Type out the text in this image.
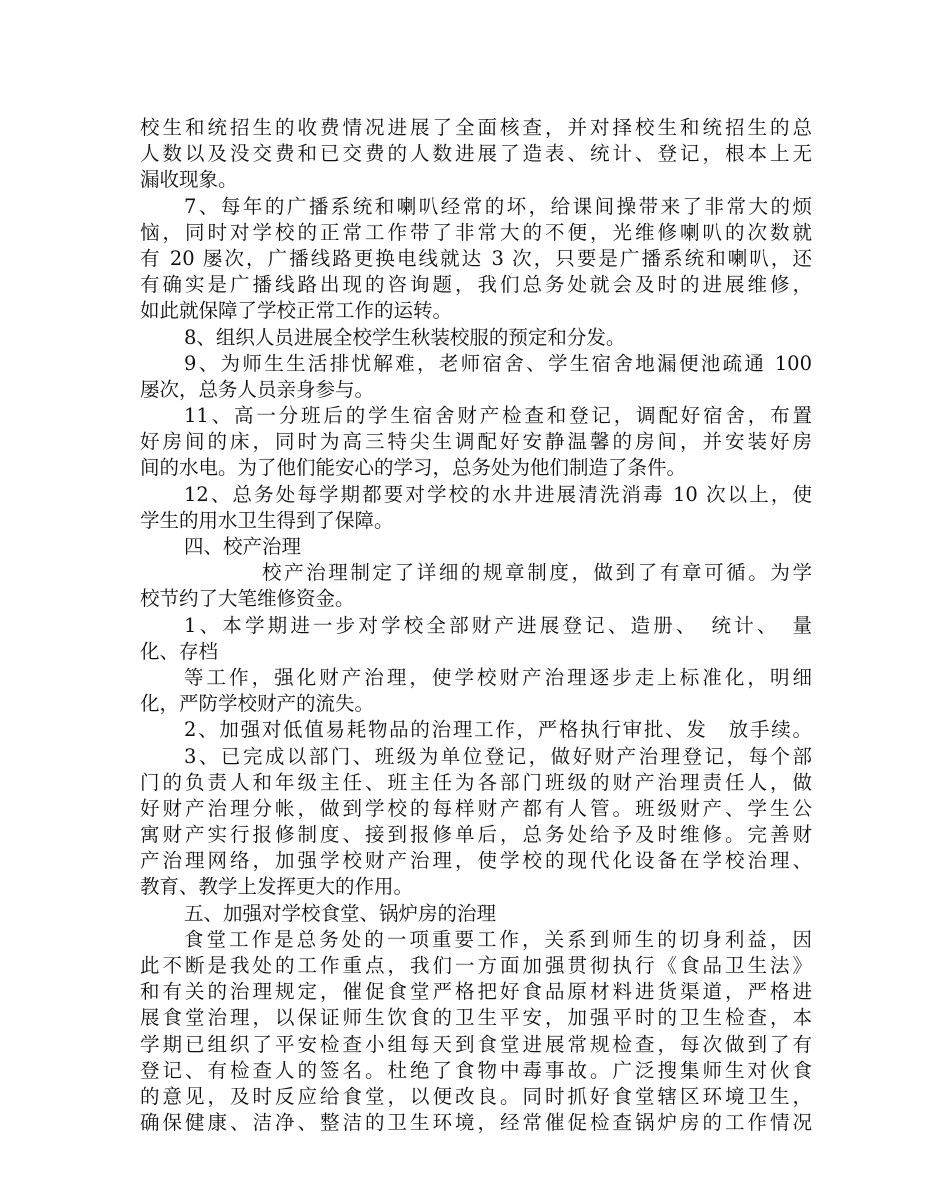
校生和统招生的收费情况进展了全面核查，并对择校生和统招生的总
人数以及没交费和已交费的人数进展了造表、统计、登记，根本上无
漏收现象。
7、每年的广播系统和喇叭经常的坏，给课间操带来了非常大的烦
恼，同时对学校的正常工作带了非常大的不便，光维修喇叭的次数就
有 20 屡次，广播线路更换电线就达 3 次，只要是广播系统和喇叭，还
有确实是广播线路出现的咨询题，我们总务处就会及时的进展维修，
如此就保障了学校正常工作的运转。
8、组织人员进展全校学生秋装校服的预定和分发。
9、为师生生活排忧解难，老师宿舍、学生宿舍地漏便池疏通 100
屡次，总务人员亲身参与。
11、高一分班后的学生宿舍财产检查和登记，调配好宿舍，布置
好房间的床，同时为高三特尖生调配好安静温馨的房间，并安装好房
间的水电。为了他们能安心的学习，总务处为他们制造了条件。
12、总务处每学期都要对学校的水井进展清洗消毒 10 次以上，使
学生的用水卫生得到了保障。
四、校产治理
校产治理制定了详细的规章制度，做到了有章可循。为学
校节约了大笔维修资金。
1、本学期进一步对学校全部财产进展登记、造册、　统计、　量
化、存档
等工作，强化财产治理，使学校财产治理逐步走上标准化，明细
化，严防学校财产的流失。
2、加强对低值易耗物品的治理工作，严格执行审批、发　放手续。
3、已完成以部门、班级为单位登记，做好财产治理登记，每个部
门的负责人和年级主任、班主任为各部门班级的财产治理责任人，做
好财产治理分帐，做到学校的每样财产都有人管。班级财产、学生公
寓财产实行报修制度、接到报修单后，总务处给予及时维修。完善财
产治理网络，加强学校财产治理，使学校的现代化设备在学校治理、
教育、教学上发挥更大的作用。
五、加强对学校食堂、锅炉房的治理
食堂工作是总务处的一项重要工作，关系到师生的切身利益，因
此不断是我处的工作重点，我们一方面加强贯彻执行《食品卫生法》
和有关的治理规定，催促食堂严格把好食品原材料进货渠道，严格进
展食堂治理，以保证师生饮食的卫生平安，加强平时的卫生检查，本
学期已组织了平安检查小组每天到食堂进展常规检查，每次做到了有
登记、有检查人的签名。杜绝了食物中毒事故。广泛搜集师生对伙食
的意见，及时反应给食堂，以便改良。同时抓好食堂辖区环境卫生，
确保健康、洁净、整洁的卫生环境，经常催促检查锅炉房的工作情况
